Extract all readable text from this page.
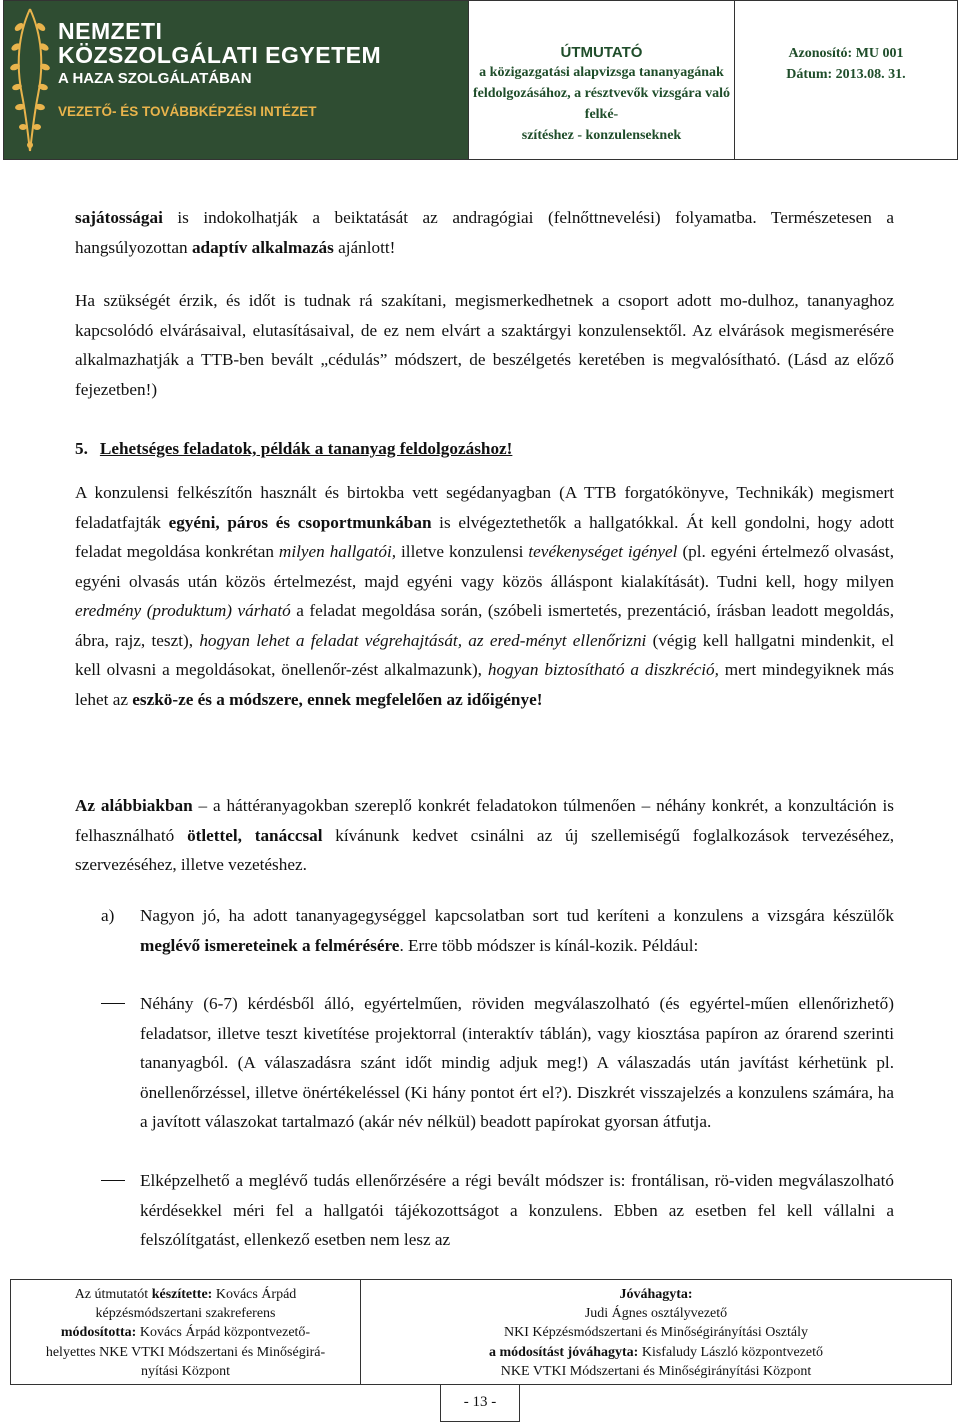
NEMZETI
KÖZSZOLGÁLATI EGYETEM
A HAZA SZOLGÁLATÁBAN
VEZETŐ- ÉS TOVÁBBKÉPZÉSI INTÉZET
ÚTMUTATÓ
a közigazgatási alapvizsga tananyagának
feldolgozásához, a résztvevők vizsgára való felké-
szítéshez - konzulenseknek
Azonosító: MU 001
Dátum: 2013.08. 31.

sajátosságai is indokolhatják a beiktatását az andragógiai (felnőttnevelési) folyamatba. Természetesen a hangsúlyozottan adaptív alkalmazás ajánlott!

Ha szükségét érzik, és időt is tudnak rá szakítani, megismerkedhetnek a csoport adott mo-dulhoz, tananyaghoz kapcsolódó elvárásaival, elutasításaival, de ez nem elvárt a szaktárgyi konzulensektől. Az elvárások megismerésére alkalmazhatják a TTB-ben bevált „cédulás” módszert, de beszélgetés keretében is megvalósítható. (Lásd az előző fejezetben!)

5. Lehetséges feladatok, példák a tananyag feldolgozáshoz!

A konzulensi felkészítőn használt és birtokba vett segédanyagban (A TTB forgatókönyve, Technikák) megismert feladatfajták egyéni, páros és csoportmunkában is elvégeztethetők a hallgatókkal. Át kell gondolni, hogy adott feladat megoldása konkrétan milyen hallgatói, illetve konzulensi tevékenységet igényel (pl. egyéni értelmező olvasást, egyéni olvasás után közös értelmezést, majd egyéni vagy közös álláspont kialakítását). Tudni kell, hogy milyen eredmény (produktum) várható a feladat megoldása során, (szóbeli ismertetés, prezentáció, írásban leadott megoldás, ábra, rajz, teszt), hogyan lehet a feladat végrehajtását, az ered-ményt ellenőrizni (végig kell hallgatni mindenkit, el kell olvasni a megoldásokat, önellenőr-zést alkalmazunk), hogyan biztosítható a diszkréció, mert mindegyiknek más lehet az eszkö-ze és a módszere, ennek megfelelően az időigénye!

Az alábbiakban – a háttéranyagokban szereplő konkrét feladatokon túlmenően – néhány konkrét, a konzultáción is felhasználható ötlettel, tanáccsal kívánunk kedvet csinálni az új szellemiségű foglalkozások tervezéséhez, szervezéséhez, illetve vezetéshez.

a) Nagyon jó, ha adott tananyagegységgel kapcsolatban sort tud keríteni a konzulens a vizsgára készülők meglévő ismereteinek a felmérésére. Erre több módszer is kínál-kozik. Például:

Néhány (6-7) kérdésből álló, egyértelműen, röviden megválaszolható (és egyértel-műen ellenőrizhető) feladatsor, illetve teszt kivetítése projektorral (interaktív táblán), vagy kiosztása papíron az órarend szerinti tananyagból. (A válaszadásra szánt időt mindig adjuk meg!) A válaszadás után javítást kérhetünk pl. önellenőrzéssel, illetve önértékeléssel (Ki hány pontot ért el?). Diszkrét visszajelzés a konzulens számára, ha a javított válaszokat tartalmazó (akár név nélkül) beadott papírokat gyorsan átfutja.

Elképzelhető a meglévő tudás ellenőrzésére a régi bevált módszer is: frontálisan, rö-viden megválaszolható kérdésekkel méri fel a hallgatói tájékozottságot a konzulens. Ebben az esetben fel kell vállalni a felszólítgatást, ellenkező esetben nem lesz az

Az útmutatót készítette: Kovács Árpád
képzésmódszertani szakreferens
módosította: Kovács Árpád központvezető-
helyettes NKE VTKI Módszertani és Minőségirá-
nyítási Központ
Jóváhagyta:
Judi Ágnes osztályvezető
NKI Képzésmódszertani és Minőségirányítási Osztály
a módosítást jóváhagyta: Kisfaludy László központvezető
NKE VTKI Módszertani és Minőségirányítási Központ
- 13 -
